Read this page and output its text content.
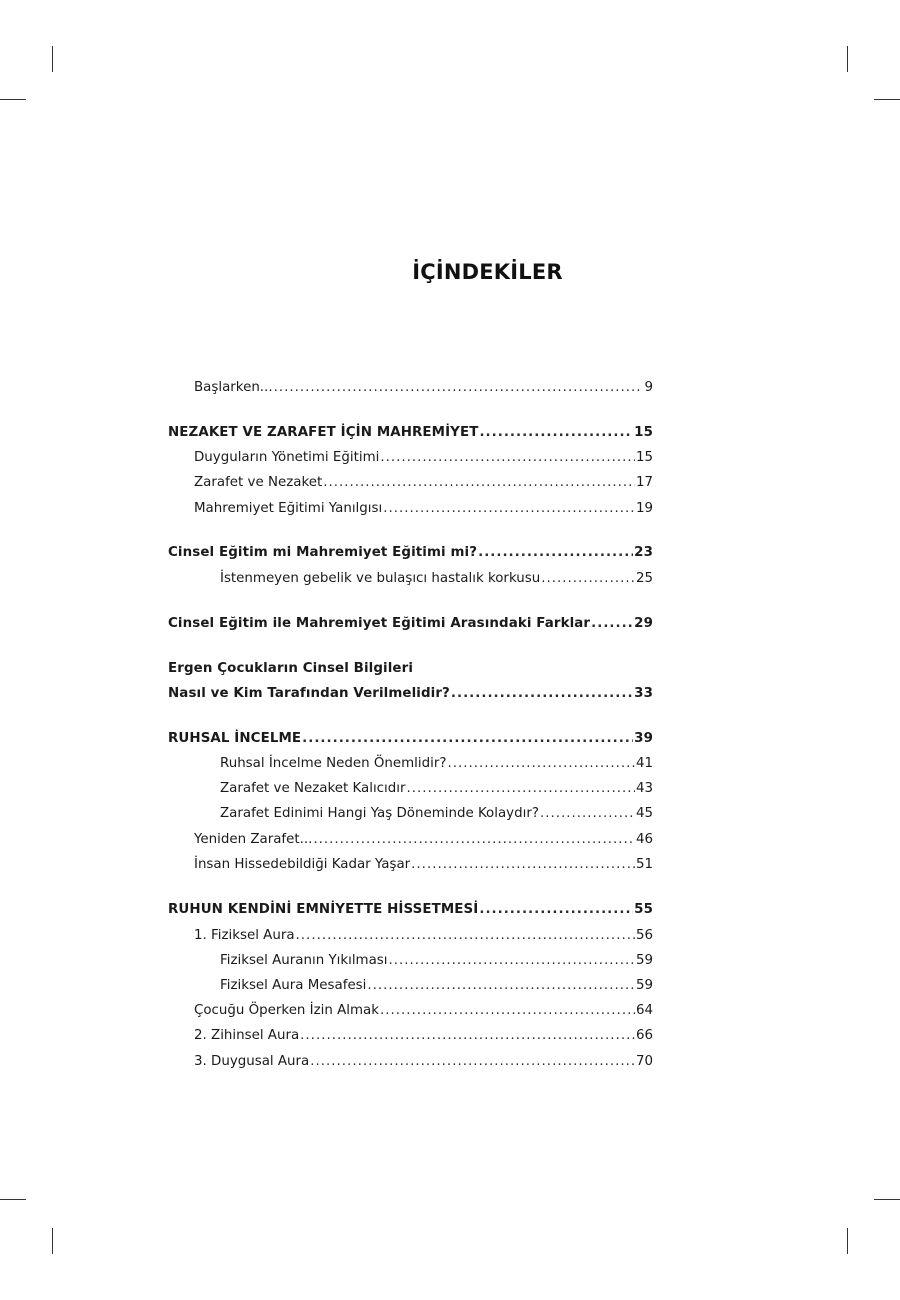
İÇİNDEKİLER
Başlarken... .....	9
NEZAKET VE ZARAFET İÇİN MAHREMİYET .....	15
Duyguların Yönetimi Eğitimi .....	15
Zarafet ve Nezaket .....	17
Mahremiyet Eğitimi Yanılgısı .....	19
Cinsel Eğitim mi Mahremiyet Eğitimi mi? .....	23
İstenmeyen gebelik ve bulaşıcı hastalık korkusu .....	25
Cinsel Eğitim ile Mahremiyet Eğitimi Arasındaki Farklar .....	29
Ergen Çocukların Cinsel Bilgileri
Nasıl ve Kim Tarafından Verilmelidir? .....	33
RUHSAL İNCELME .....	39
Ruhsal İncelme Neden Önemlidir? .....	41
Zarafet ve Nezaket Kalıcıdır .....	43
Zarafet Edinimi Hangi Yaş Döneminde Kolaydır? .....	45
Yeniden Zarafet... .....	46
İnsan Hissedebildiği Kadar Yaşar .....	51
RUHUN KENDİNİ EMNİYETTE HİSSETMESİ .....	55
1. Fiziksel Aura .....	56
Fiziksel Auranın Yıkılması .....	59
Fiziksel Aura Mesafesi .....	59
Çocuğu Öperken İzin Almak .....	64
2. Zihinsel Aura .....	66
3. Duygusal Aura .....	70
